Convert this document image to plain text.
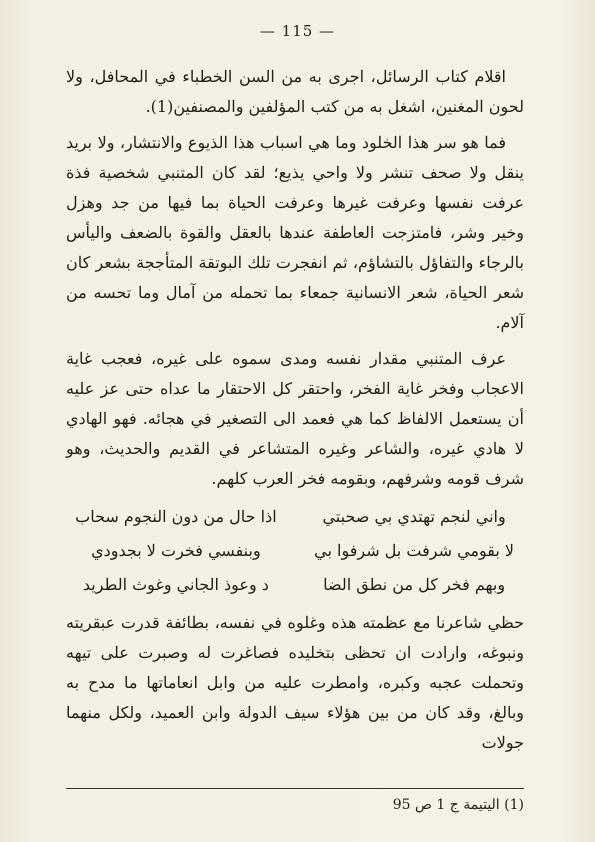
— 115 —

اقلام كتاب الرسائل، اجرى به من السن الخطباء في المحافل، ولا لحون المغنين، اشغل به من كتب المؤلفين والمصنفين(1).

فما هو سر هذا الخلود وما هي اسباب هذا الذيوع والانتشار، ولا بريد ينقل ولا صحف تنشر ولا واحي يذيع؛ لقد كان المتنبي شخصية فذة عرفت نفسها وعرفت غيرها وعرفت الحياة بما فيها من جد وهزل وخير وشر، فامتزجت العاطفة عندها بالعقل والقوة بالضعف واليأس بالرجاء والتفاؤل بالتشاؤم، ثم انفجرت تلك البوتقة المتأججة بشعر كان شعر الحياة، شعر الانسانية جمعاء بما تحمله من آمال وما تحسه من آلام.

عرف المتنبي مقدار نفسه ومدى سموه على غيره، فعجب غاية الاعجاب وفخر غاية الفخر، واحتقر كل الاحتقار ما عداه حتى عز عليه أن يستعمل الالفاظ كما هي فعمد الى التصغير في هجائه. فهو الهادي لا هادي غيره، والشاعر وغيره المتشاعر في القديم والحديث، وهو شرف قومه وشرفهم، وبقومه فخر العرب كلهم.

واني لنجم تهتدي بي صحبتي
اذا حال من دون النجوم سحاب
لا بقومي شرفت بل شرفوا بي
وبنفسي فخرت لا بجدودي
وبهم فخر كل من نطق الضا
د وعوذ الجاني وغوث الطريد

حظي شاعرنا مع عظمته هذه وغلوه في نفسه، بطائفة قدرت عبقريته ونبوغه، وارادت ان تحظى بتخليده فصاغرت له وصبرت على تيهه وتحملت عجبه وكبره، وامطرت عليه من وابل انعاماتها ما مدح به وبالغ، وقد كان من بين هؤلاء سيف الدولة وابن العميد، ولكل منهما جولات

(1) اليتيمة ج 1 ص 95
